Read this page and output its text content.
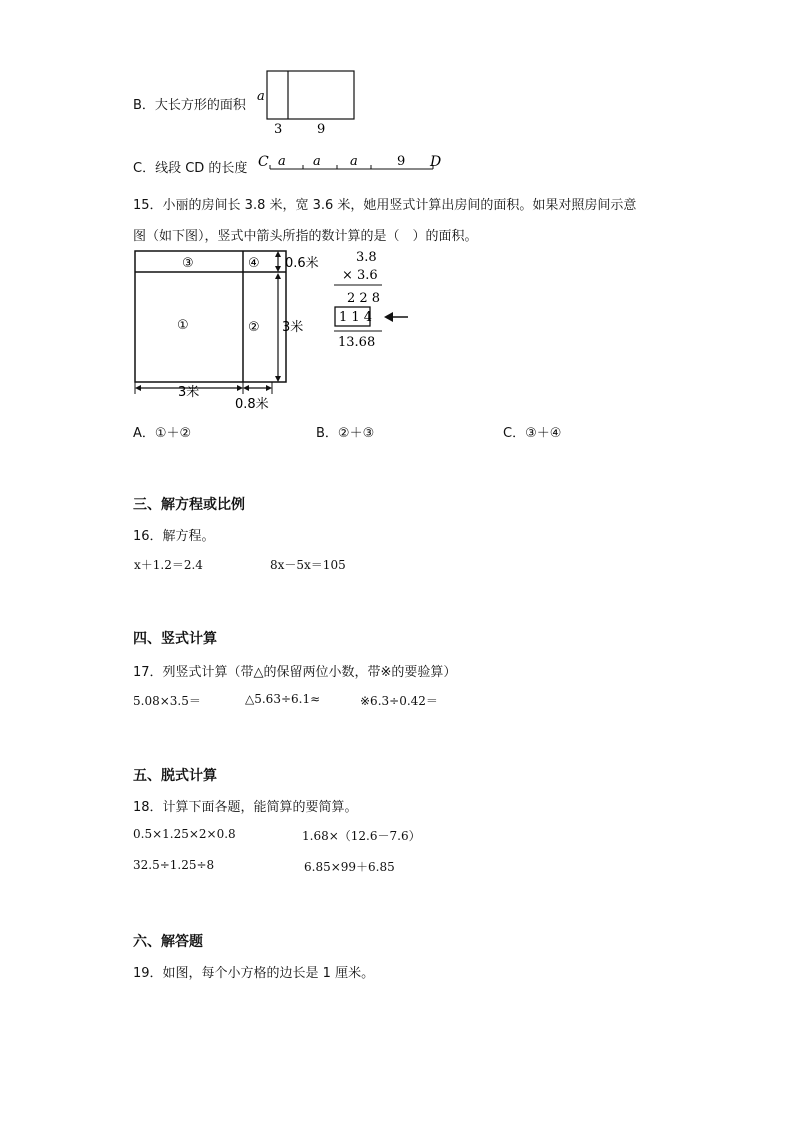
B．大长方形的面积
a
3	9
C．线段 CD 的长度 C a a a	9 D
15．小丽的房间长 3.8 米，宽 3.6 米，她用竖式计算出房间的面积。如果对照房间示意
图（如下图），竖式中箭头所指的数计算的是（　）的面积。
③	④
①	②
0.6米
3米
3米
0.8米
3.8
× 3.6
2 2 8
1 1 4
13.68
A．①＋②	B．②＋③	C．③＋④
三、解方程或比例
16．解方程。
x＋1.2＝2.4	8x－5x＝105
四、竖式计算
17．列竖式计算（带△的保留两位小数，带※的要验算）
5.08×3.5＝	△5.63÷6.1≈	※6.3÷0.42＝
五、脱式计算
18．计算下面各题，能简算的要简算。
0.5×1.25×2×0.8	1.68×（12.6－7.6）
32.5÷1.25÷8	6.85×99＋6.85
六、解答题
19．如图，每个小方格的边长是 1 厘米。
